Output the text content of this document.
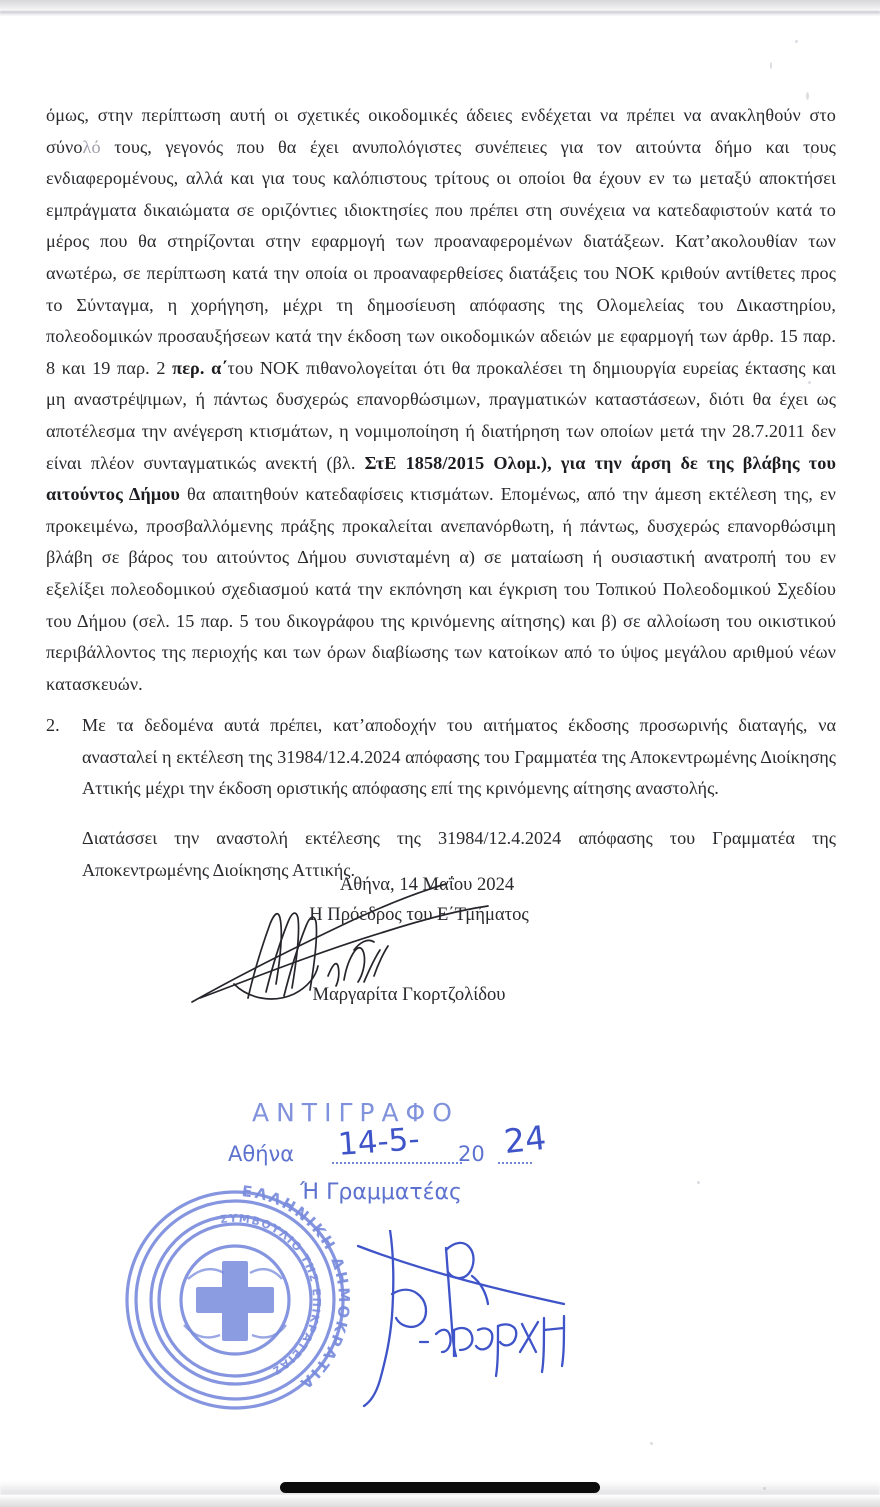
όμως, στην περίπτωση αυτή οι σχετικές οικοδομικές άδειες ενδέχεται να πρέπει να ανακληθούν στο σύνολό τους, γεγονός που θα έχει ανυπολόγιστες συνέπειες για τον αιτούντα δήμο και τους ενδιαφερομένους, αλλά και για τους καλόπιστους τρίτους οι οποίοι θα έχουν εν τω μεταξύ αποκτήσει εμπράγματα δικαιώματα σε οριζόντιες ιδιοκτησίες που πρέπει στη συνέχεια να κατεδαφιστούν κατά το μέρος που θα στηρίζονται στην εφαρμογή των προαναφερομένων διατάξεων. Κατ’ακολουθίαν των ανωτέρω, σε περίπτωση κατά την οποία οι προαναφερθείσες διατάξεις του ΝΟΚ κριθούν αντίθετες προς το Σύνταγμα, η χορήγηση, μέχρι τη δημοσίευση απόφασης της Ολομελείας του Δικαστηρίου, πολεοδομικών προσαυξήσεων κατά την έκδοση των οικοδομικών αδειών με εφαρμογή των άρθρ. 15 παρ. 8 και 19 παρ. 2 περ. α΄του ΝΟΚ πιθανολογείται ότι θα προκαλέσει τη δημιουργία ευρείας έκτασης και μη αναστρέψιμων, ή πάντως δυσχερώς επανορθώσιμων, πραγματικών καταστάσεων, διότι θα έχει ως αποτέλεσμα την ανέγερση κτισμάτων, η νομιμοποίηση ή διατήρηση των οποίων μετά την 28.7.2011 δεν είναι πλέον συνταγματικώς ανεκτή (βλ. ΣτΕ 1858/2015 Ολομ.), για την άρση δε της βλάβης του αιτούντος Δήμου θα απαιτηθούν κατεδαφίσεις κτισμάτων. Επομένως, από την άμεση εκτέλεση της, εν προκειμένω, προσβαλλόμενης πράξης προκαλείται ανεπανόρθωτη, ή πάντως, δυσχερώς επανορθώσιμη βλάβη σε βάρος του αιτούντος Δήμου συνισταμένη α) σε ματαίωση ή ουσιαστική ανατροπή του εν εξελίξει πολεοδομικού σχεδιασμού κατά την εκπόνηση και έγκριση του Τοπικού Πολεοδομικού Σχεδίου του Δήμου (σελ. 15 παρ. 5 του δικογράφου της κρινόμενης αίτησης) και β) σε αλλοίωση του οικιστικού περιβάλλοντος της περιοχής και των όρων διαβίωσης των κατοίκων από το ύψος μεγάλου αριθμού νέων κατασκευών.

2. Με τα δεδομένα αυτά πρέπει, κατ’αποδοχήν του αιτήματος έκδοσης προσωρινής διαταγής, να ανασταλεί η εκτέλεση της 31984/12.4.2024 απόφασης του Γραμματέα της Αποκεντρωμένης Διοίκησης Αττικής μέχρι την έκδοση οριστικής απόφασης επί της κρινόμενης αίτησης αναστολής.

Διατάσσει την αναστολή εκτέλεσης της 31984/12.4.2024 απόφασης του Γραμματέα της Αποκεντρωμένης Διοίκησης Αττικής.

Αθήνα, 14 Μαΐου 2024
Η Πρόεδρος του Ε΄Τμήματος
Μαργαρίτα Γκορτζολίδου
ΑΝΤΙΓΡΑΦΟ
Αθήνα 14-5- 20 24
Ή Γραμματέας
ΕΛΛΗΝΙΚΗ ΔΗΜΟΚΡΑΤΙΑ
ΣΥΜΒΟΥΛΙΟ ΤΗΣ ΕΠΙΚΡΑΤΕΙΑΣ
